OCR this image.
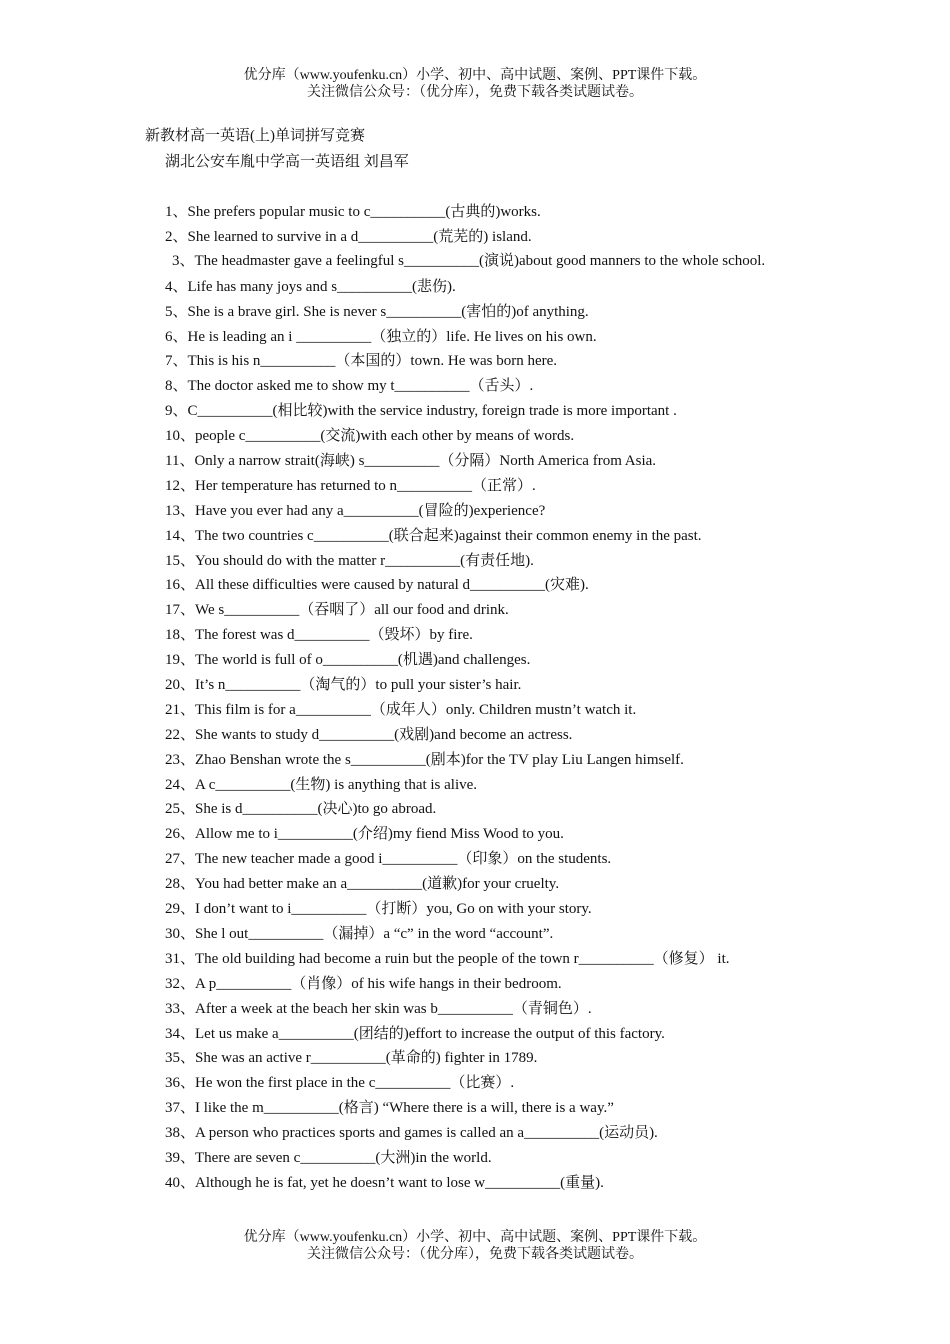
优分库（www.youfenku.cn）小学、初中、高中试题、案例、PPT课件下载。
关注微信公众号：（优分库），免费下载各类试题试卷。
新教材高一英语(上)单词拼写竞赛
湖北公安车胤中学高一英语组 刘昌军

1、She prefers popular music to c__________(古典的)works.

2、She learned to survive in a d__________(荒芜的) island.

3、The headmaster gave a feelingful s__________(演说)about good manners to the whole school.

4、Life has many joys and s__________(悲伤).

5、She is a brave girl. She is never s__________(害怕的)of anything.

6、He is leading an i __________（独立的）life. He lives on his own.

7、This is his n__________（本国的）town. He was born here.

8、The doctor asked me to show my t__________（舌头）.

9、C__________(相比较)with the service industry, foreign trade is more important .

10、people c__________(交流)with each other by means of words.

11、Only a narrow strait(海峡) s__________（分隔）North America from Asia.

12、Her temperature has returned to n__________（正常）.

13、Have you ever had any a__________(冒险的)experience?

14、The two countries c__________(联合起来)against their common enemy in the past.

15、You should do with the matter r__________(有责任地).

16、All these difficulties were caused by natural d__________(灾难).

17、We s__________（吞咽了）all our food and drink.

18、The forest was d__________（毁坏）by fire.

19、The world is full of o__________(机遇)and challenges.

20、It’s n__________（淘气的）to pull your sister’s hair.

21、This film is for a__________（成年人）only. Children mustn’t watch it.

22、She wants to study d__________(戏剧)and become an actress.

23、Zhao Benshan wrote the s__________(剧本)for the TV play Liu Langen himself.

24、A c__________(生物) is anything that is alive.

25、She is d__________(决心)to go abroad.

26、Allow me to i__________(介绍)my fiend Miss Wood to you.

27、The new teacher made a good i__________（印象）on the students.

28、You had better make an a__________(道歉)for your cruelty.

29、I don’t want to i__________（打断）you, Go on with your story.

30、She l out__________（漏掉）a “c” in the word “account”.

31、The old building had become a ruin but the people of the town r__________（修复） it.

32、A p__________（肖像）of his wife hangs in their bedroom.

33、After a week at the beach her skin was b__________（青铜色）.

34、Let us make a__________(团结的)effort to increase the output of this factory.

35、She was an active r__________(革命的) fighter in 1789.

36、He won the first place in the c__________（比赛）.

37、I like the m__________(格言) “Where there is a will, there is a way.”

38、A person who practices sports and games is called an a__________(运动员).

39、There are seven c__________(大洲)in the world.

40、Although he is fat, yet he doesn’t want to lose w__________(重量).

优分库（www.youfenku.cn）小学、初中、高中试题、案例、PPT课件下载。
关注微信公众号：（优分库），免费下载各类试题试卷。
